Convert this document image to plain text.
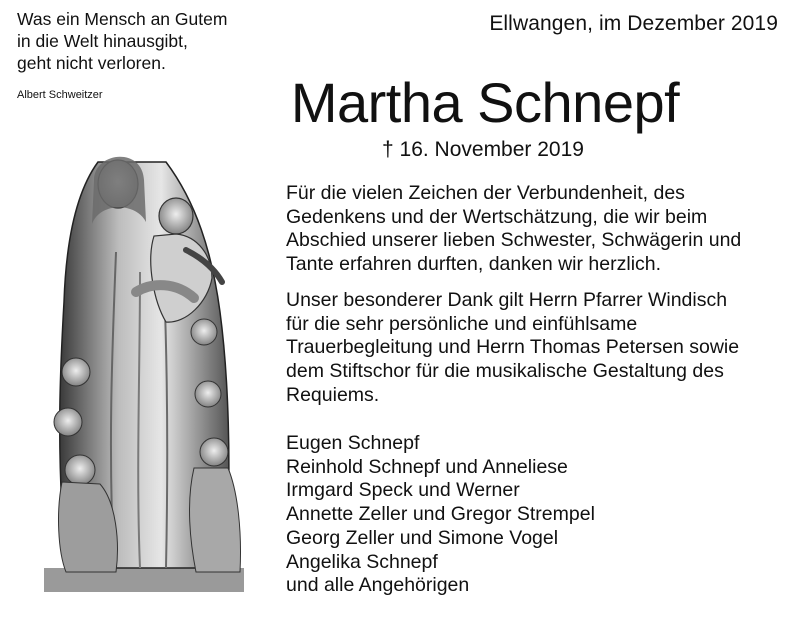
Was ein Mensch an Gutem
in die Welt hinausgibt,
geht nicht verloren.
Albert Schweitzer
Ellwangen, im Dezember 2019
Martha Schnepf
† 16. November 2019
Für die vielen Zeichen der Verbundenheit, des
Gedenkens und der Wertschätzung, die wir beim
Abschied unserer lieben Schwester, Schwägerin und
Tante erfahren durften, danken wir herzlich.
Unser besonderer Dank gilt Herrn Pfarrer Windisch
für die sehr persönliche und einfühlsame
Trauerbegleitung und Herrn Thomas Petersen sowie
dem Stiftschor für die musikalische Gestaltung des
Requiems.
Eugen Schnepf
Reinhold Schnepf und Anneliese
Irmgard Speck und Werner
Annette Zeller und Gregor Strempel
Georg Zeller und Simone Vogel
Angelika Schnepf
und alle Angehörigen
